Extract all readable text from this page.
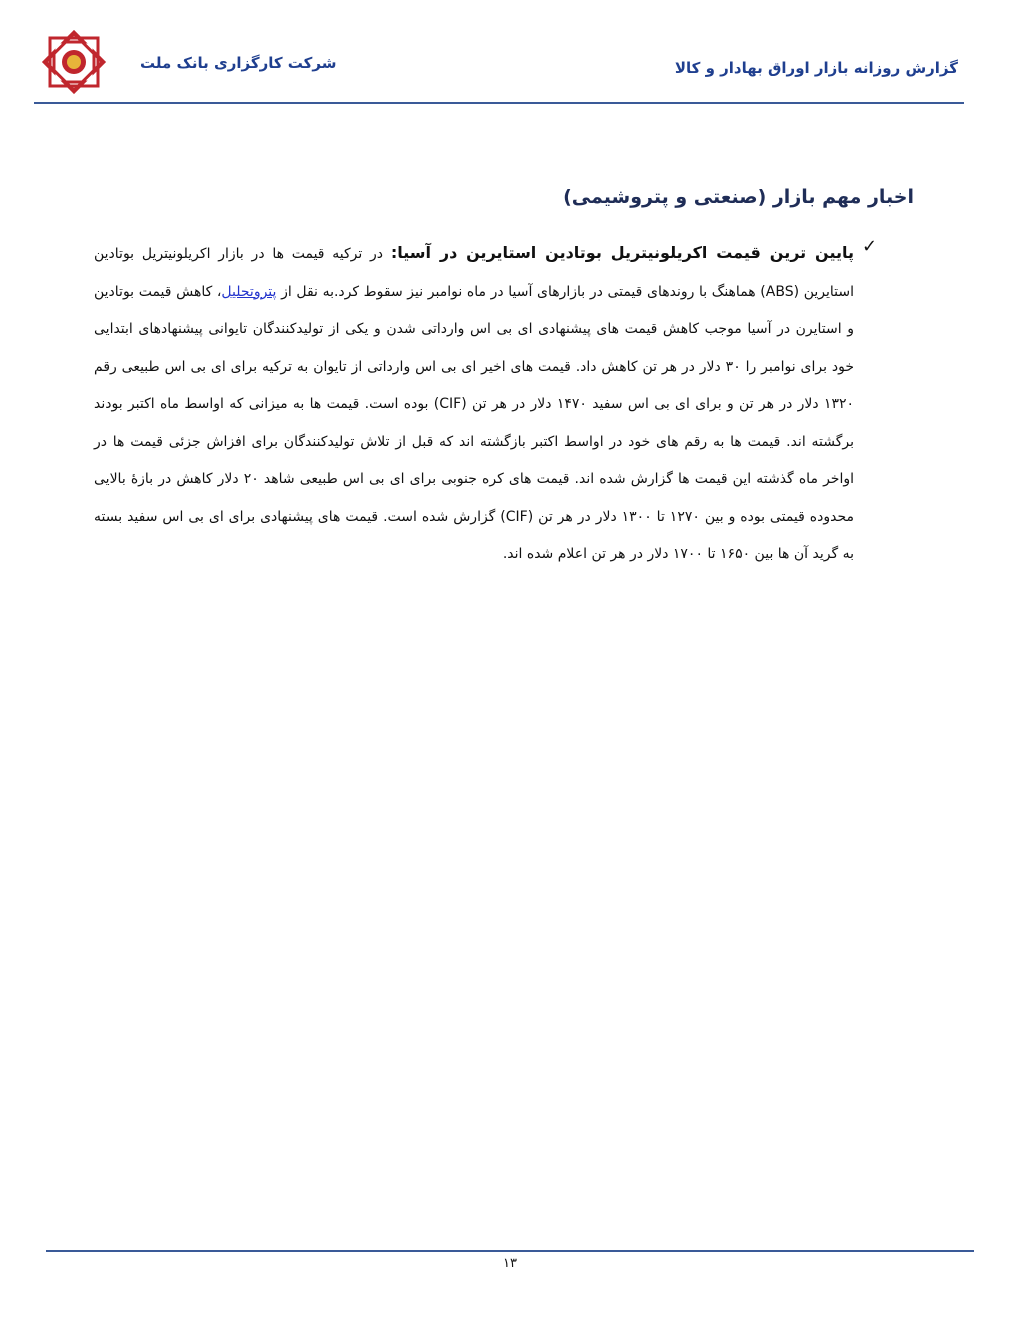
شرکت کارگزاری بانک ملت	گزارش روزانه بازار اوراق بهادار و کالا
اخبار مهم بازار (صنعتی و پتروشیمی)
✓
پایین ترین قیمت اکریلونیتریل بوتادین استایرین در آسیا: در ترکیه قیمت ها در بازار اکریلونیتریل بوتادین استایرین (ABS) هماهنگ با روندهای قیمتی در بازارهای آسیا در ماه نوامبر نیز سقوط کرد.به نقل از پتروتحلیل، کاهش قیمت بوتادین و استایرن در آسیا موجب کاهش قیمت های پیشنهادی ای بی اس وارداتی شدن و یکی از تولیدکنندگان تایوانی پیشنهادهای ابتدایی خود برای نوامبر را ۳۰ دلار در هر تن کاهش داد. قیمت های اخیر ای بی اس وارداتی از تایوان به ترکیه برای ای بی اس طبیعی رقم ۱۳۲۰ دلار در هر تن و برای ای بی اس سفید ۱۴۷۰ دلار در هر تن (CIF) بوده است. قیمت ها به میزانی که اواسط ماه اکتبر بودند برگشته اند. قیمت ها به رقم های خود در اواسط اکتبر بازگشته اند که قبل از تلاش تولیدکنندگان برای افزاش جزئی قیمت ها در اواخر ماه گذشته این قیمت ها گزارش شده اند. قیمت های کره جنوبی برای ای بی اس طبیعی شاهد ۲۰ دلار کاهش در بازۀ بالایی محدوده قیمتی بوده و بین ۱۲۷۰ تا ۱۳۰۰ دلار در هر تن (CIF) گزارش شده است. قیمت های پیشنهادی برای ای بی اس سفید بسته به گرید آن ها بین ۱۶۵۰ تا ۱۷۰۰ دلار در هر تن اعلام شده اند.
۱۳
